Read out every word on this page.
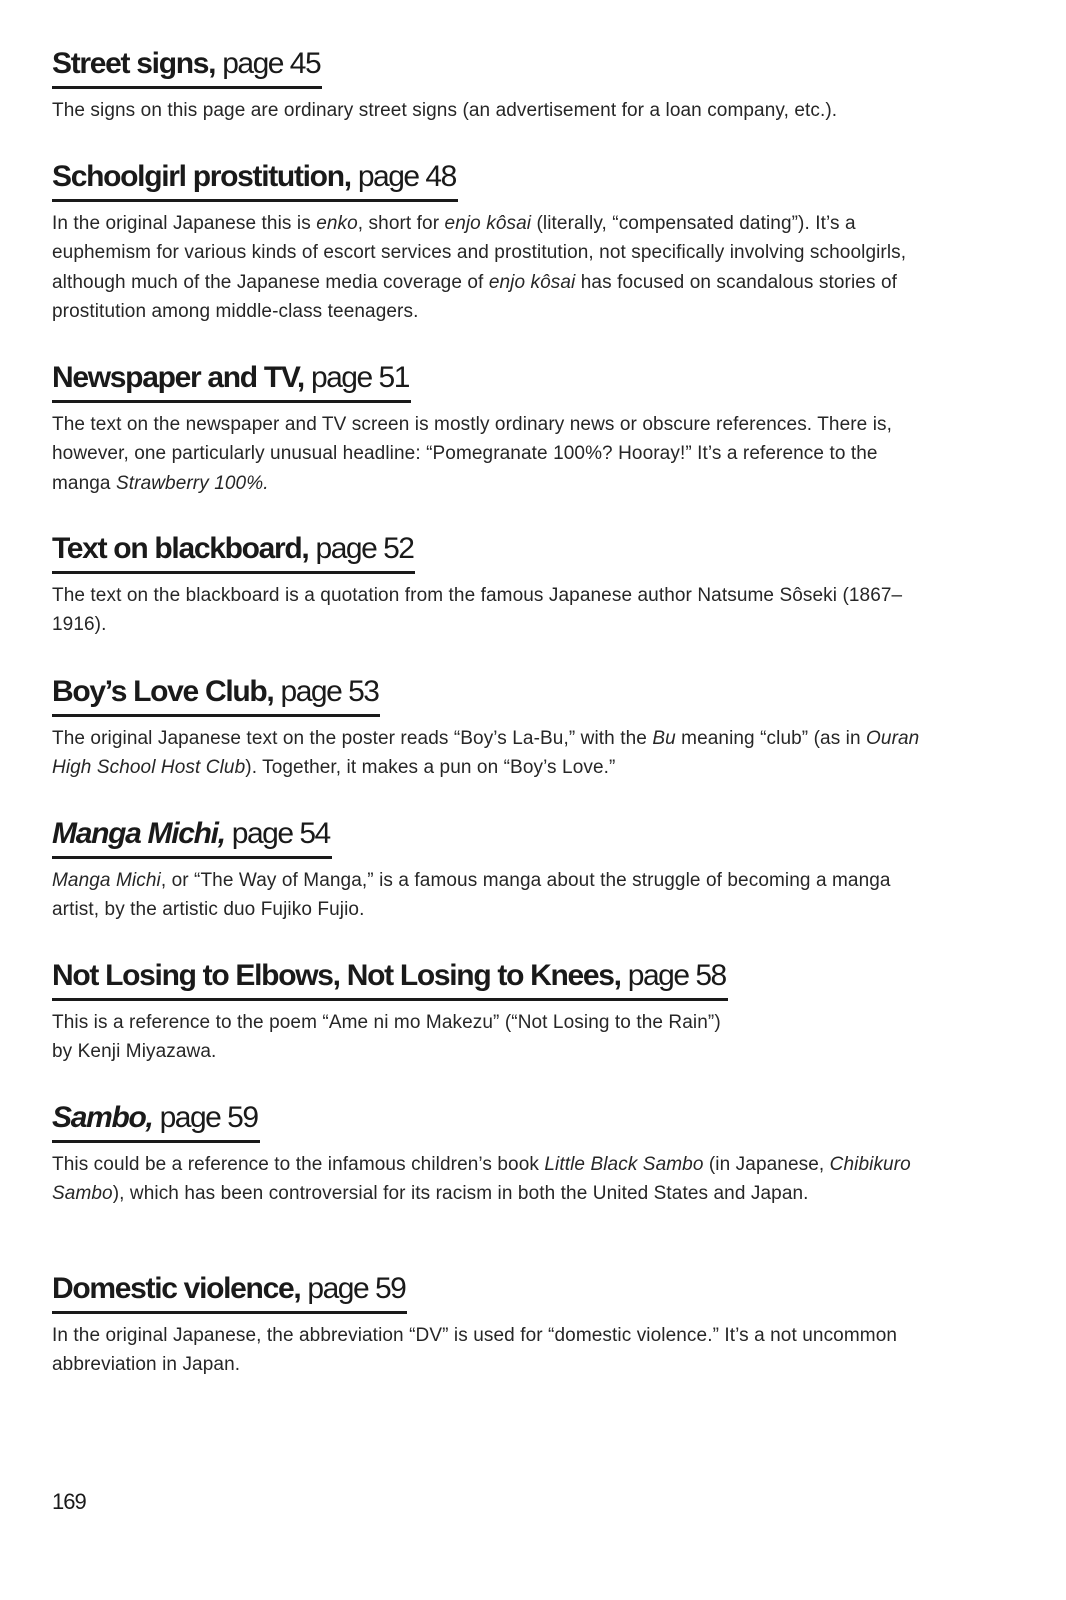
Street signs, page 45

The signs on this page are ordinary street signs (an advertisement for a loan company, etc.).

Schoolgirl prostitution, page 48

In the original Japanese this is enko, short for enjo kôsai (literally, “compensated dating”). It’s a euphemism for various kinds of escort services and prostitution, not specifically involving schoolgirls, although much of the Japanese media coverage of enjo kôsai has focused on scandalous stories of prostitution among middle-class teenagers.

Newspaper and TV, page 51

The text on the newspaper and TV screen is mostly ordinary news or obscure references. There is, however, one particularly unusual headline: “Pomegranate 100%? Hooray!” It’s a reference to the manga Strawberry 100%.

Text on blackboard, page 52

The text on the blackboard is a quotation from the famous Japanese author Natsume Sôseki (1867–1916).

Boy’s Love Club, page 53

The original Japanese text on the poster reads “Boy’s La-Bu,” with the Bu meaning “club” (as in Ouran High School Host Club). Together, it makes a pun on “Boy’s Love.”

Manga Michi, page 54

Manga Michi, or “The Way of Manga,” is a famous manga about the struggle of becoming a manga artist, by the artistic duo Fujiko Fujio.

Not Losing to Elbows, Not Losing to Knees, page 58

This is a reference to the poem “Ame ni mo Makezu” (“Not Losing to the Rain”)
by Kenji Miyazawa.

Sambo, page 59

This could be a reference to the infamous children’s book Little Black Sambo (in Japanese, Chibikuro Sambo), which has been controversial for its racism in both the United States and Japan.

Domestic violence, page 59

In the original Japanese, the abbreviation “DV” is used for “domestic violence.” It’s a not uncommon abbreviation in Japan.

169
